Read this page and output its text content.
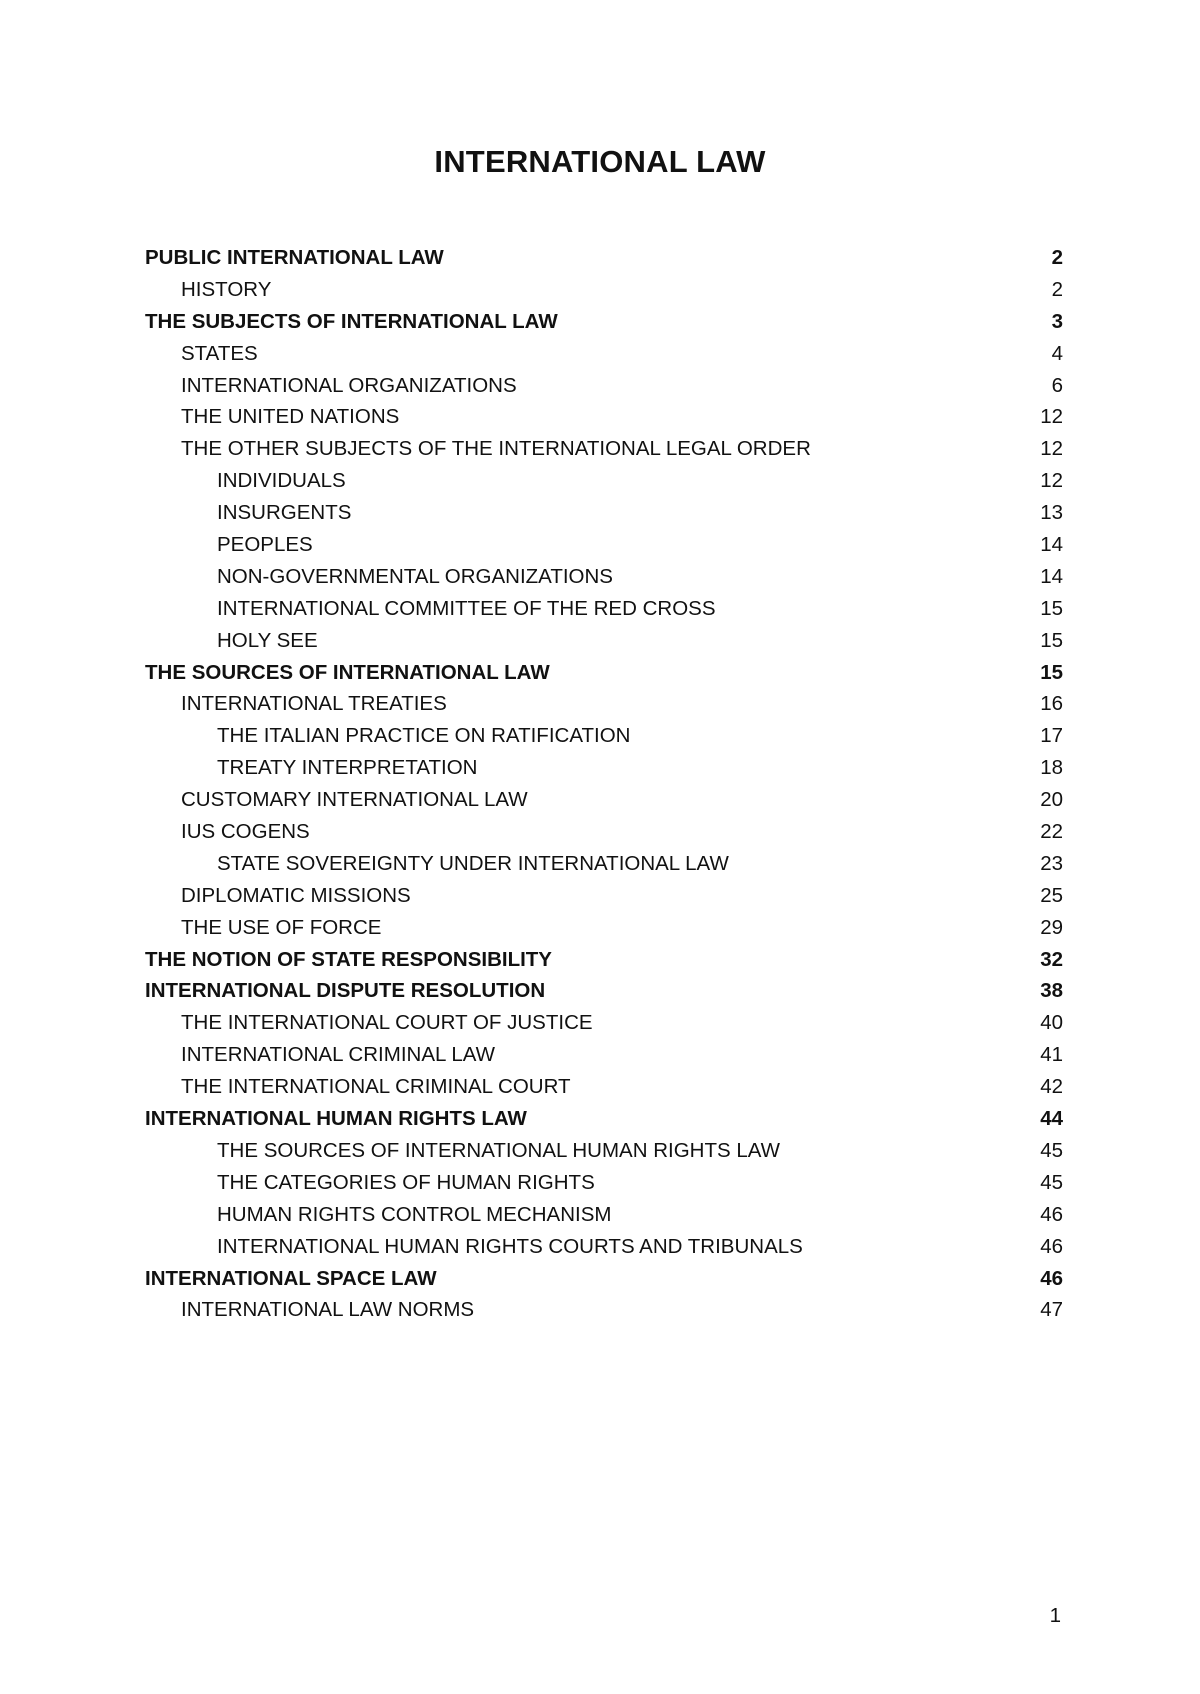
INTERNATIONAL LAW
PUBLIC INTERNATIONAL LAW	2
HISTORY	2
THE SUBJECTS OF INTERNATIONAL LAW	3
STATES	4
INTERNATIONAL ORGANIZATIONS	6
THE UNITED NATIONS	12
THE OTHER SUBJECTS OF THE INTERNATIONAL LEGAL ORDER	12
INDIVIDUALS	12
INSURGENTS	13
PEOPLES	14
NON-GOVERNMENTAL ORGANIZATIONS	14
INTERNATIONAL COMMITTEE OF THE RED CROSS	15
HOLY SEE	15
THE SOURCES OF INTERNATIONAL LAW	15
INTERNATIONAL TREATIES	16
THE ITALIAN PRACTICE ON RATIFICATION	17
TREATY INTERPRETATION	18
CUSTOMARY INTERNATIONAL LAW	20
IUS COGENS	22
STATE SOVEREIGNTY UNDER INTERNATIONAL LAW	23
DIPLOMATIC MISSIONS	25
THE USE OF FORCE	29
THE NOTION OF STATE RESPONSIBILITY	32
INTERNATIONAL DISPUTE RESOLUTION	38
THE INTERNATIONAL COURT OF JUSTICE	40
INTERNATIONAL CRIMINAL LAW	41
THE INTERNATIONAL CRIMINAL COURT	42
INTERNATIONAL HUMAN RIGHTS LAW	44
THE SOURCES OF INTERNATIONAL HUMAN RIGHTS LAW	45
THE CATEGORIES OF HUMAN RIGHTS	45
HUMAN RIGHTS CONTROL MECHANISM	46
INTERNATIONAL HUMAN RIGHTS COURTS AND TRIBUNALS	46
INTERNATIONAL SPACE LAW	46
INTERNATIONAL LAW NORMS	47
1
